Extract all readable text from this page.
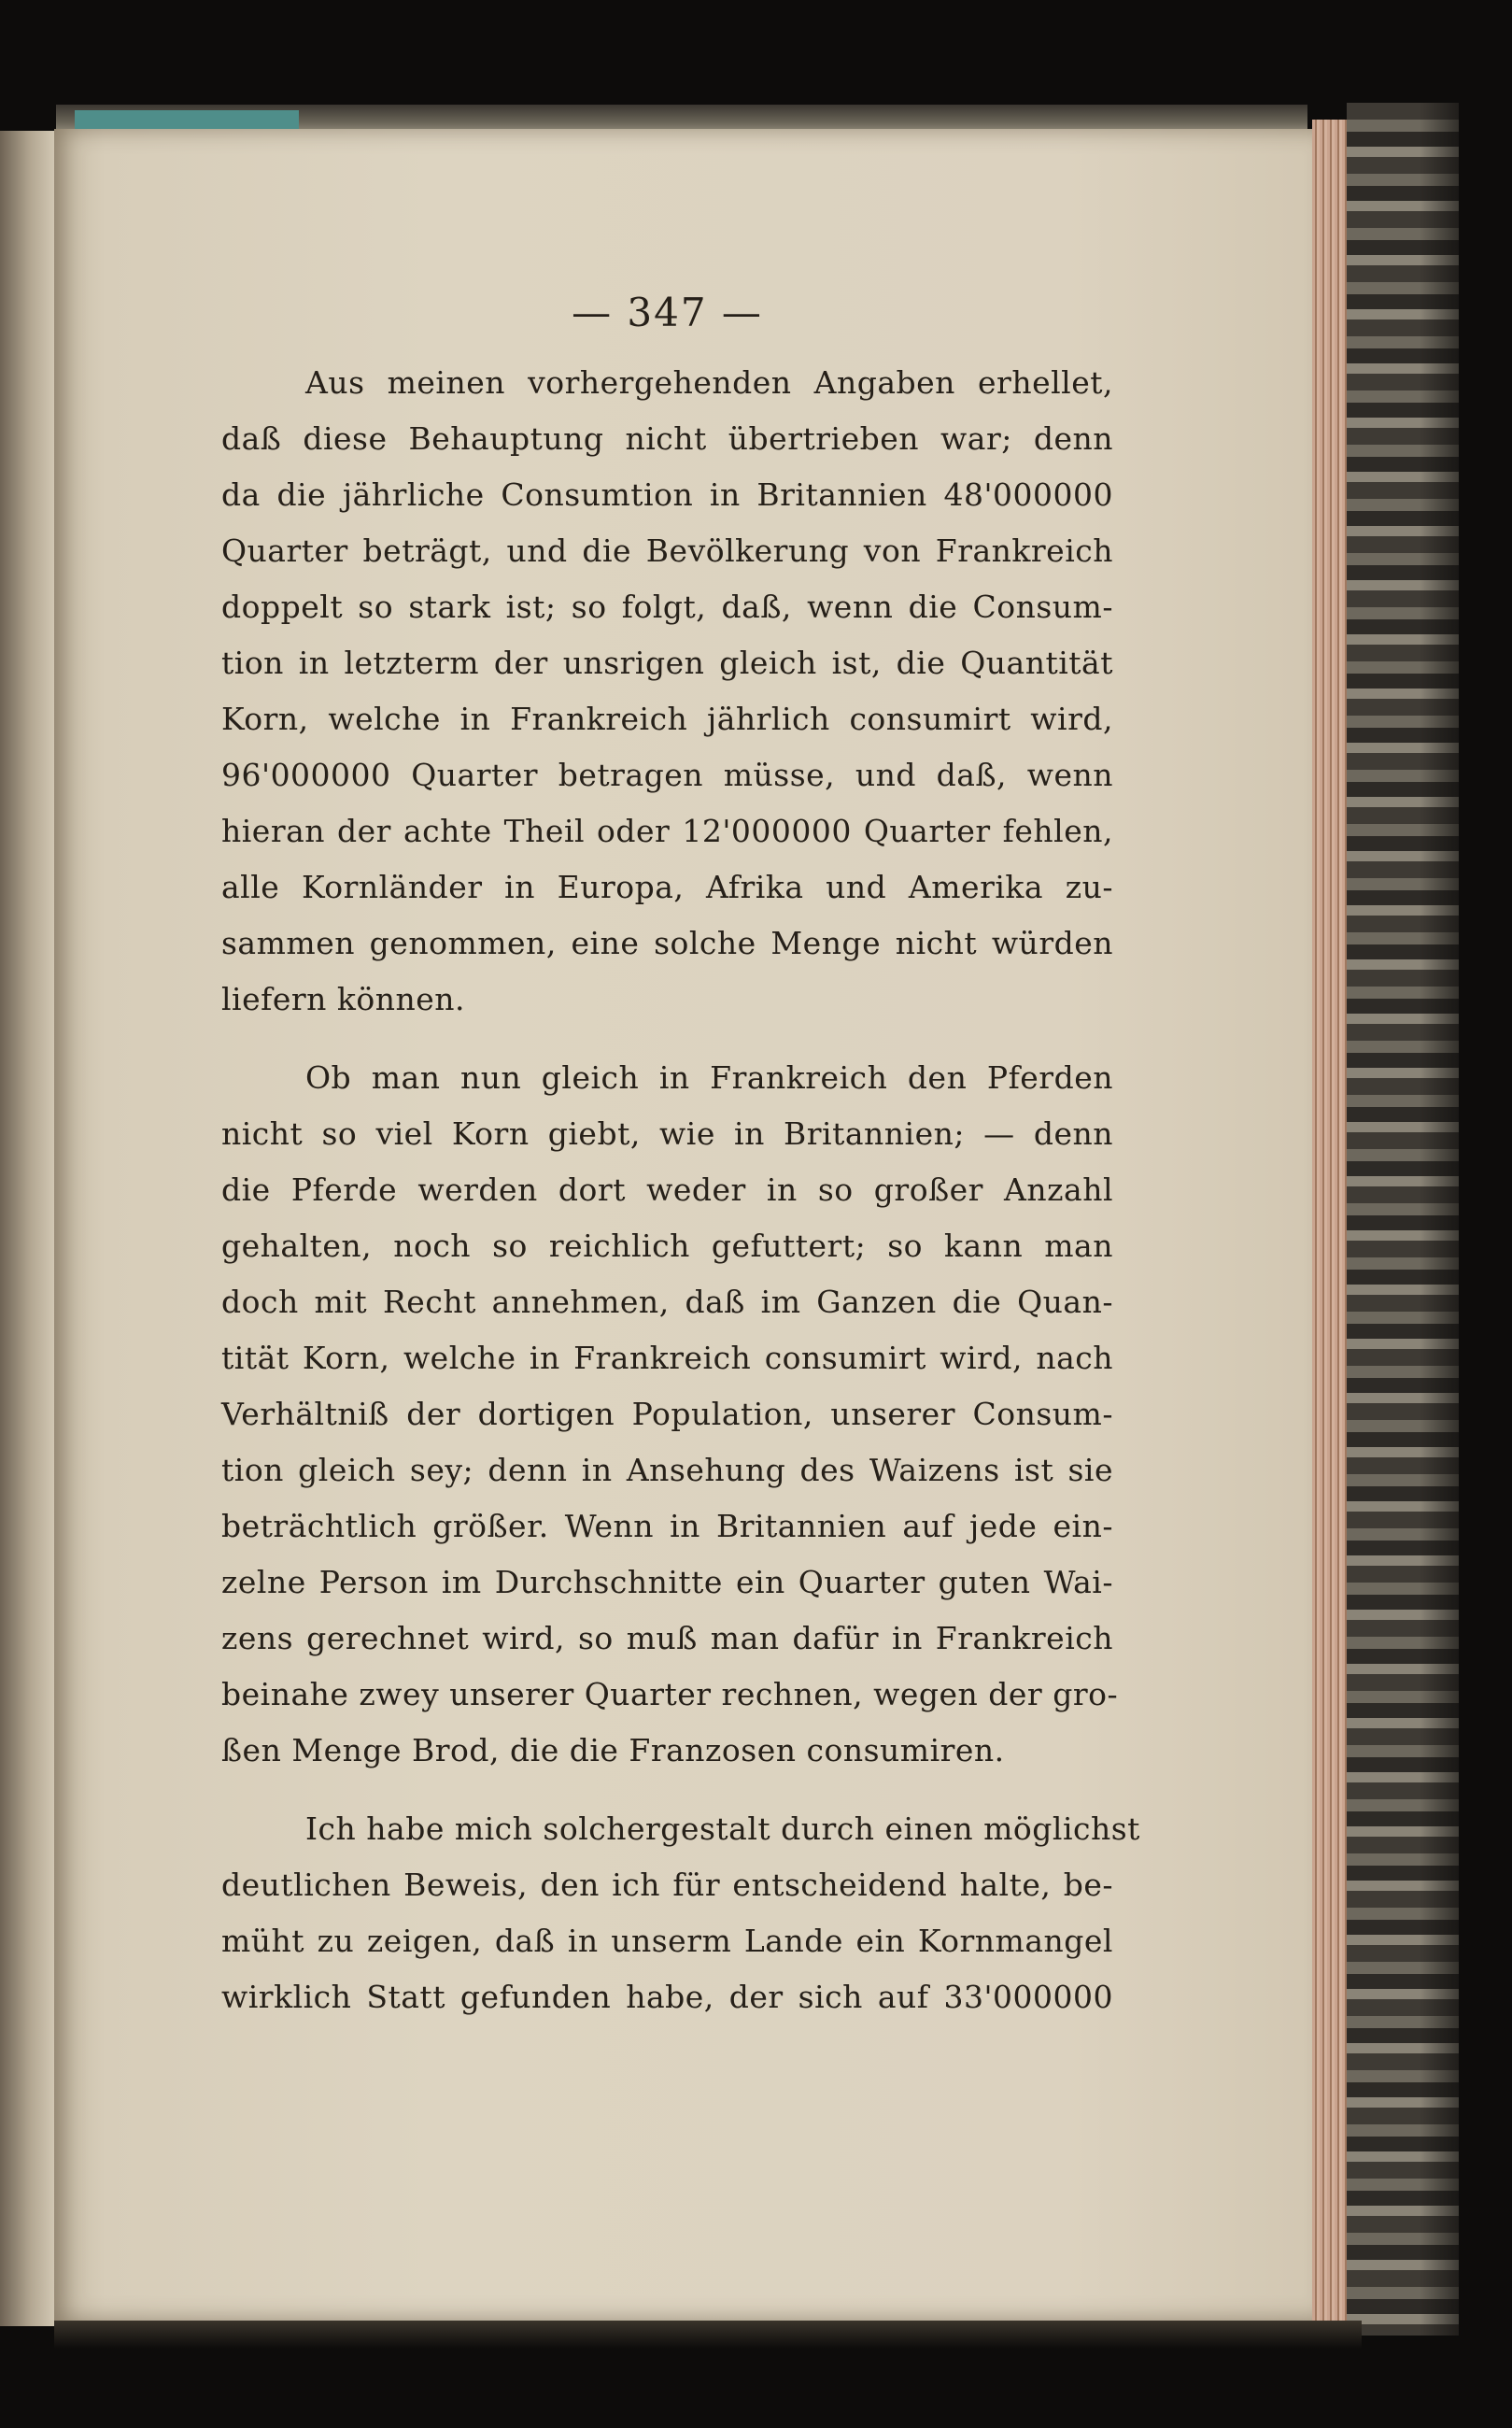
— 347 —
Aus meinen vorhergehenden Angaben erhellet,
daß diese Behauptung nicht übertrieben war; denn
da die jährliche Consumtion in Britannien 48'000000
Quarter beträgt, und die Bevölkerung von Frankreich
doppelt so stark ist; so folgt, daß, wenn die Consum-
tion in letzterm der unsrigen gleich ist, die Quantität
Korn, welche in Frankreich jährlich consumirt wird,
96'000000 Quarter betragen müsse, und daß, wenn
hieran der achte Theil oder 12'000000 Quarter fehlen,
alle Kornländer in Europa, Afrika und Amerika zu-
sammen genommen, eine solche Menge nicht würden
liefern können.
Ob man nun gleich in Frankreich den Pferden
nicht so viel Korn giebt, wie in Britannien; — denn
die Pferde werden dort weder in so großer Anzahl
gehalten, noch so reichlich gefuttert; so kann man
doch mit Recht annehmen, daß im Ganzen die Quan-
tität Korn, welche in Frankreich consumirt wird, nach
Verhältniß der dortigen Population, unserer Consum-
tion gleich sey; denn in Ansehung des Waizens ist sie
beträchtlich größer. Wenn in Britannien auf jede ein-
zelne Person im Durchschnitte ein Quarter guten Wai-
zens gerechnet wird, so muß man dafür in Frankreich
beinahe zwey unserer Quarter rechnen, wegen der gro-
ßen Menge Brod, die die Franzosen consumiren.
Ich habe mich solchergestalt durch einen möglichst
deutlichen Beweis, den ich für entscheidend halte, be-
müht zu zeigen, daß in unserm Lande ein Kornmangel
wirklich Statt gefunden habe, der sich auf 33'000000
